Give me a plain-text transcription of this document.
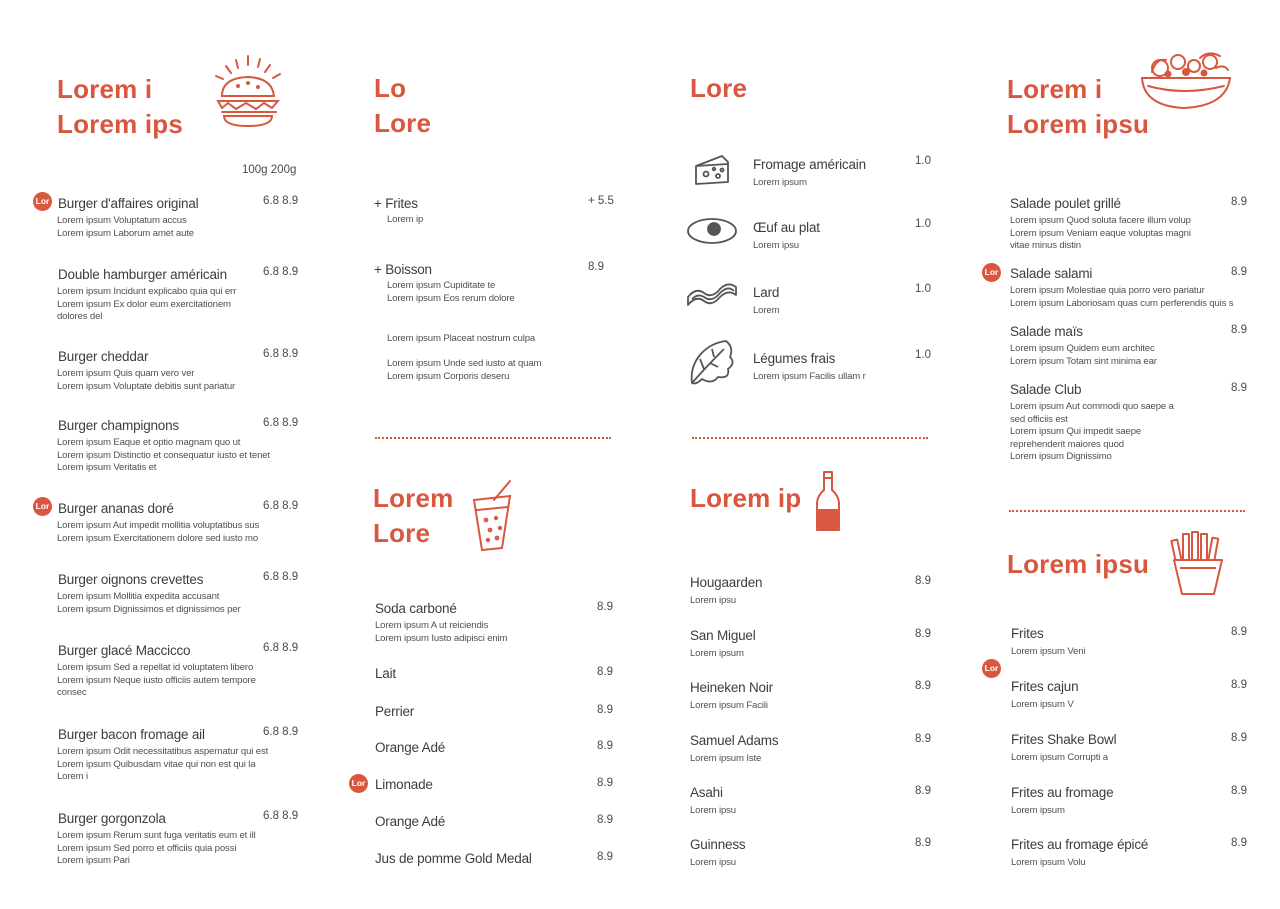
Lorem i
Lorem ips
100g 200g
Lor Burger d'affaires original	6.8 8.9
Lorem ipsum Voluptatum accus
Lorem ipsum Laborum amet aute
Double hamburger américain	6.8 8.9
Lorem ipsum Incidunt explicabo quia qui err
Lorem ipsum Ex dolor eum exercitationem
dolores del
Burger cheddar	6.8 8.9
Lorem ipsum Quis quam vero ver
Lorem ipsum Voluptate debitis sunt pariatur
Burger champignons	6.8 8.9
Lorem ipsum Eaque et optio magnam quo ut
Lorem ipsum Distinctio et consequatur iusto et tenet
Lorem ipsum Veritatis et
Lor Burger ananas doré	6.8 8.9
Lorem ipsum Aut impedit mollitia voluptatibus sus
Lorem ipsum Exercitationem dolore sed iusto mo
Burger oignons crevettes	6.8 8.9
Lorem ipsum Mollitia expedita accusant
Lorem ipsum Dignissimos et dignissimos per
Burger glacé Maccicco	6.8 8.9
Lorem ipsum Sed a repellat id voluptatem libero
Lorem ipsum Neque iusto officiis autem tempore
consec
Burger bacon fromage ail	6.8 8.9
Lorem ipsum Odit necessitatibus aspernatur qui est
Lorem ipsum Quibusdam vitae qui non est qui la
Lorem i
Burger gorgonzola	6.8 8.9
Lorem ipsum Rerum sunt fuga veritatis eum et ill
Lorem ipsum Sed porro et officiis quia possi
Lorem ipsum Pari
Lo
Lore
+ Frites	+ 5.5
Lorem ip
+ Boisson	8.9
Lorem ipsum Cupiditate te
Lorem ipsum Eos rerum dolore
Lorem ipsum Placeat nostrum culpa
Lorem ipsum Unde sed iusto at quam
Lorem ipsum Corporis deseru
Lorem
Lore
Soda carboné	8.9
Lorem ipsum A ut reiciendis
Lorem ipsum Iusto adipisci enim
Lait	8.9
Perrier	8.9
Orange Adé	8.9
Lor Limonade	8.9
Orange Adé	8.9
Jus de pomme Gold Medal	8.9
Lore
Fromage américain	1.0
Lorem ipsum
Œuf au plat	1.0
Lorem ipsu
Lard	1.0
Lorem
Légumes frais	1.0
Lorem ipsum Facilis ullam r
Lorem ip
Hougaarden	8.9
Lorem ipsu
San Miguel	8.9
Lorem ipsum
Heineken Noir	8.9
Lorem ipsum Facili
Samuel Adams	8.9
Lorem ipsum Iste
Asahi	8.9
Lorem ipsu
Guinness	8.9
Lorem ipsu
Lorem i
Lorem ipsu
Salade poulet grillé	8.9
Lorem ipsum Quod soluta facere illum volup
Lorem ipsum Veniam eaque voluptas magni
vitae minus distin
Lor Salade salami	8.9
Lorem ipsum Molestiae quia porro vero pariatur
Lorem ipsum Laboriosam quas cum perferendis quis s
Salade maïs	8.9
Lorem ipsum Quidem eum architec
Lorem ipsum Totam sint minima ear
Salade Club	8.9
Lorem ipsum Aut commodi quo saepe a
sed officiis est
Lorem ipsum Qui impedit saepe
reprehenderit maiores quod
Lorem ipsum Dignissimo
Lorem ipsu
Frites	8.9
Lorem ipsum Veni
Lor
Frites cajun	8.9
Lorem ipsum V
Frites Shake Bowl	8.9
Lorem ipsum Corrupti a
Frites au fromage	8.9
Lorem ipsum
Frites au fromage épicé	8.9
Lorem ipsum Volu
